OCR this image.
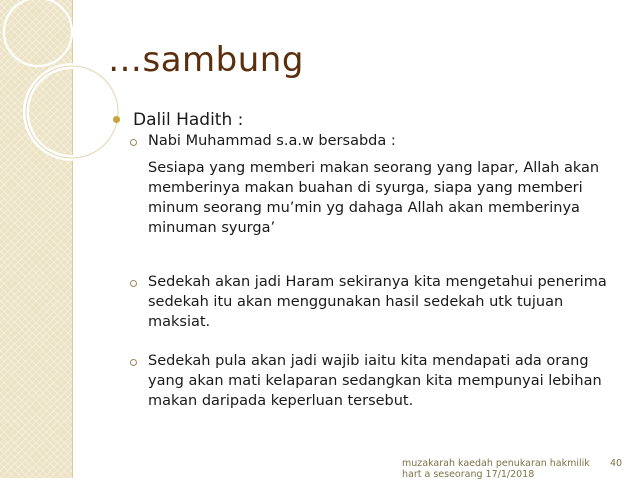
…sambung
Dalil Hadith :
Nabi Muhammad s.a.w bersabda :
Sesiapa yang memberi makan seorang yang lapar, Allah akan memberinya makan buahan di syurga, siapa yang memberi minum seorang mu’min yg dahaga Allah akan memberinya minuman syurga’
Sedekah akan jadi Haram sekiranya kita mengetahui penerima sedekah itu akan menggunakan hasil sedekah utk tujuan maksiat.
Sedekah pula akan jadi wajib iaitu kita mendapati ada orang yang akan mati kelaparan sedangkan kita mempunyai lebihan makan daripada keperluan tersebut.
muzakarah kaedah penukaran hakmilik hart a seseorang 17/1/2018
40
